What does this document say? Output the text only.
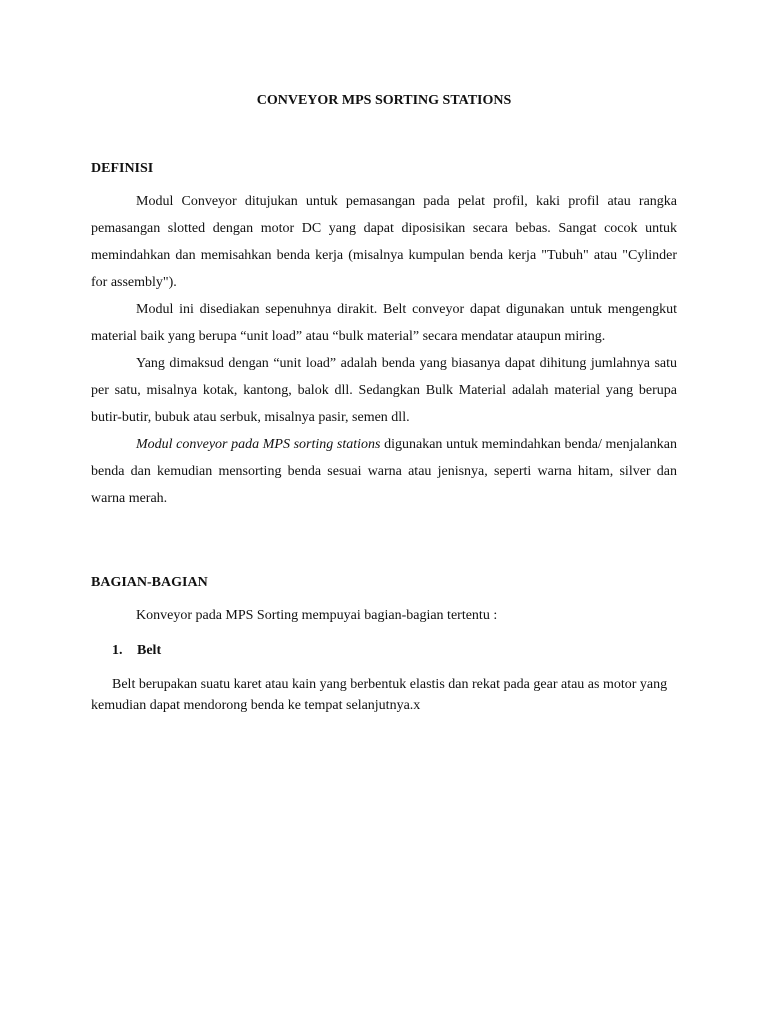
CONVEYOR MPS SORTING STATIONS
DEFINISI

Modul Conveyor ditujukan untuk pemasangan pada pelat profil, kaki profil atau rangka pemasangan slotted dengan motor DC yang dapat diposisikan secara bebas. Sangat cocok untuk memindahkan dan memisahkan benda kerja (misalnya kumpulan benda kerja "Tubuh" atau "Cylinder for assembly").

Modul ini disediakan sepenuhnya dirakit. Belt conveyor dapat digunakan untuk mengengkut material baik yang berupa “unit load” atau “bulk material” secara mendatar ataupun miring.

Yang dimaksud dengan “unit load” adalah benda yang biasanya dapat dihitung jumlahnya satu per satu, misalnya kotak, kantong, balok dll. Sedangkan Bulk Material adalah material yang berupa butir-butir, bubuk atau serbuk, misalnya pasir, semen dll.

Modul conveyor pada MPS sorting stations digunakan untuk memindahkan benda/ menjalankan benda dan kemudian mensorting benda sesuai warna atau jenisnya, seperti warna hitam, silver dan warna merah.

BAGIAN-BAGIAN

Konveyor pada MPS Sorting mempuyai bagian-bagian tertentu :

1. Belt

Belt berupakan suatu karet atau kain yang berbentuk elastis dan rekat pada gear atau as motor yang kemudian dapat mendorong benda ke tempat selanjutnya.x
